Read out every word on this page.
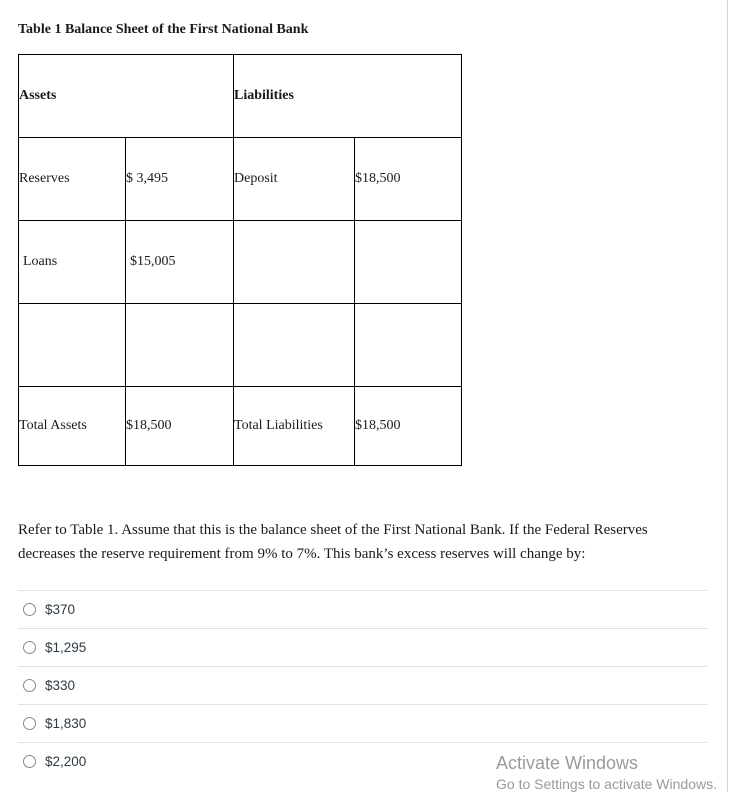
Table 1 Balance Sheet of the First National Bank
Assets		Liabilities	
Reserves	$ 3,495	Deposit	$18,500
Loans	$15,005		

Total Assets	$18,500	Total Liabilities	$18,500
Refer to Table 1. Assume that this is the balance sheet of the First National Bank. If the Federal Reserves decreases the reserve requirement from 9% to 7%. This bank’s excess reserves will change by:
$370
$1,295
$330
$1,830
$2,200	Activate Windows
Go to Settings to activate Windows.
